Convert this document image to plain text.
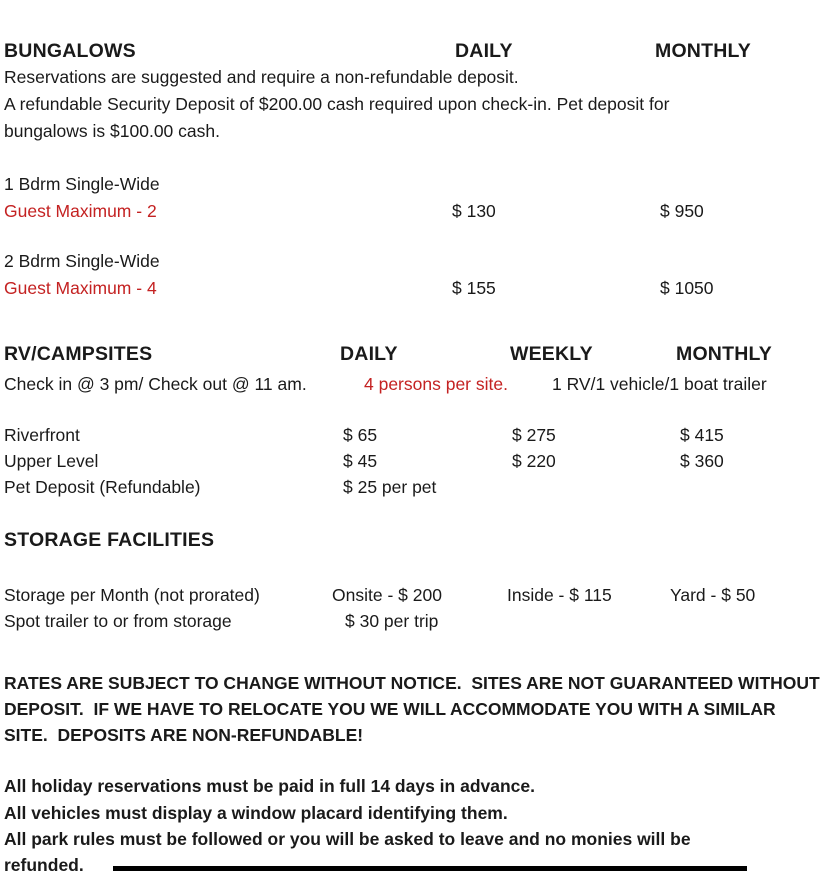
BUNGALOWS	DAILY	MONTHLY
Reservations are suggested and require a non-refundable deposit.
A refundable Security Deposit of $200.00 cash required upon check-in. Pet deposit for
bungalows is $100.00 cash.
1 Bdrm Single-Wide
Guest Maximum - 2	$ 130	$ 950
2 Bdrm Single-Wide
Guest Maximum - 4	$ 155	$ 1050
RV/CAMPSITES	DAILY	WEEKLY	MONTHLY
Check in @ 3 pm/ Check out @ 11 am.	4 persons per site.	1 RV/1 vehicle/1 boat trailer
Riverfront	$ 65	$ 275	$ 415
Upper Level	$ 45	$ 220	$ 360
Pet Deposit (Refundable)	$ 25 per pet
STORAGE FACILITIES
Storage per Month (not prorated)	Onsite - $ 200	Inside - $ 115	Yard - $ 50
Spot trailer to or from storage	$ 30 per trip
RATES ARE SUBJECT TO CHANGE WITHOUT NOTICE.  SITES ARE NOT GUARANTEED WITHOUT
DEPOSIT.  IF WE HAVE TO RELOCATE YOU WE WILL ACCOMMODATE YOU WITH A SIMILAR
SITE.  DEPOSITS ARE NON-REFUNDABLE!
All holiday reservations must be paid in full 14 days in advance.
All vehicles must display a window placard identifying them.
All park rules must be followed or you will be asked to leave and no monies will be
refunded.
